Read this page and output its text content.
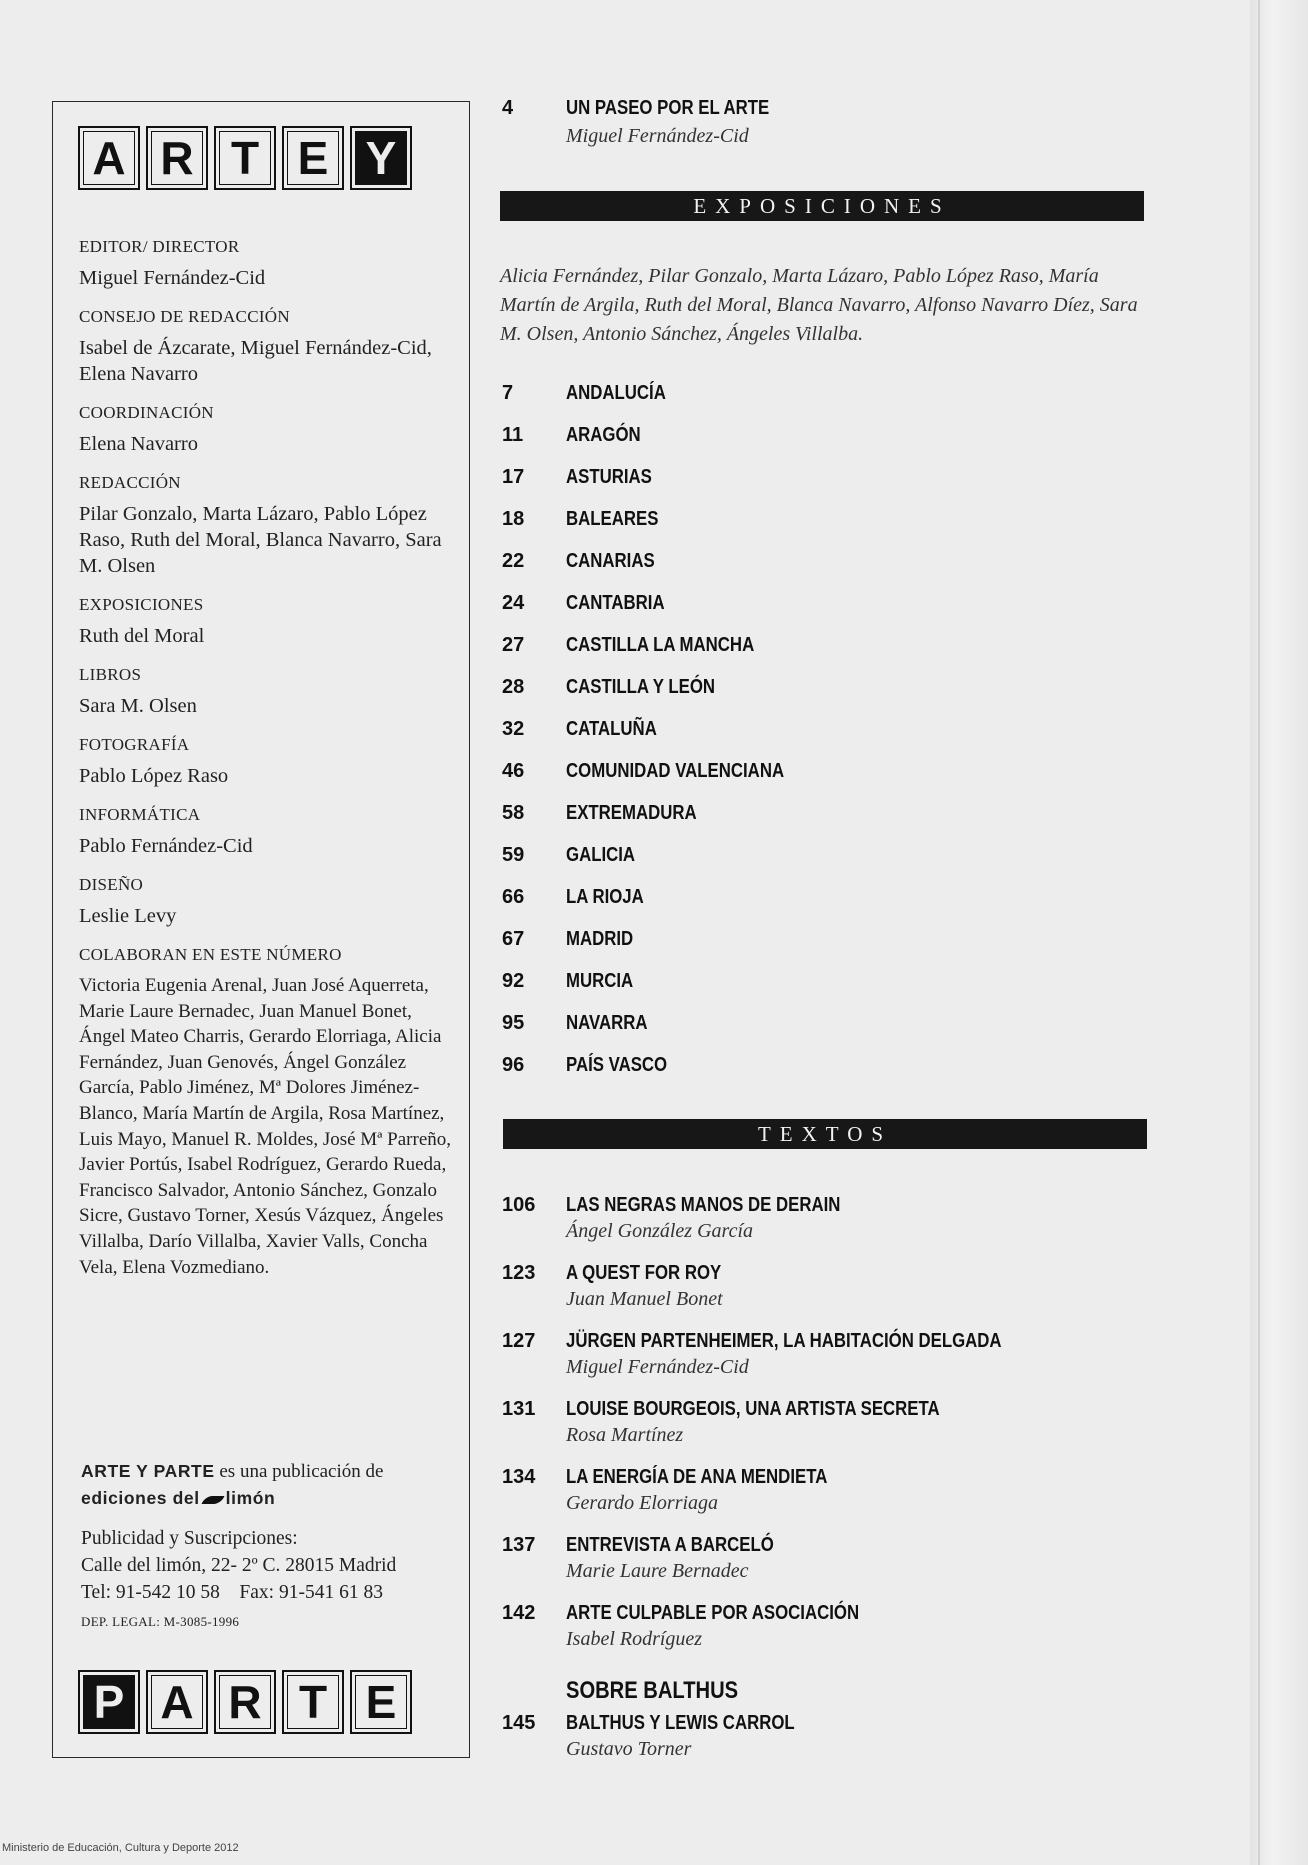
A R T E Y
EDITOR/ DIRECTOR
Miguel Fernández-Cid
CONSEJO DE REDACCIÓN
Isabel de Ázcarate, Miguel Fernández-Cid, Elena Navarro
COORDINACIÓN
Elena Navarro
REDACCIÓN
Pilar Gonzalo, Marta Lázaro, Pablo López Raso, Ruth del Moral, Blanca Navarro, Sara M. Olsen
EXPOSICIONES
Ruth del Moral
LIBROS
Sara M. Olsen
FOTOGRAFÍA
Pablo López Raso
INFORMÁTICA
Pablo Fernández-Cid
DISEÑO
Leslie Levy
COLABORAN EN ESTE NÚMERO
Victoria Eugenia Arenal, Juan José Aquerreta, Marie Laure Bernadec, Juan Manuel Bonet, Ángel Mateo Charris, Gerardo Elorriaga, Alicia Fernández, Juan Genovés, Ángel González García, Pablo Jiménez, Mª Dolores Jiménez-Blanco, María Martín de Argila, Rosa Martínez, Luis Mayo, Manuel R. Moldes, José Mª Parreño, Javier Portús, Isabel Rodríguez, Gerardo Rueda, Francisco Salvador, Antonio Sánchez, Gonzalo Sicre, Gustavo Torner, Xesús Vázquez, Ángeles Villalba, Darío Villalba, Xavier Valls, Concha Vela, Elena Vozmediano.
ARTE Y PARTE es una publicación de
ediciones del limón
Publicidad y Suscripciones:
Calle del limón, 22- 2º C. 28015 Madrid
Tel: 91-542 10 58 Fax: 91-541 61 83
DEP. LEGAL: M-3085-1996
P A R T E
4	UN PASEO POR EL ARTE
Miguel Fernández-Cid
EXPOSICIONES
Alicia Fernández, Pilar Gonzalo, Marta Lázaro, Pablo López Raso, María Martín de Argila, Ruth del Moral, Blanca Navarro, Alfonso Navarro Díez, Sara M. Olsen, Antonio Sánchez, Ángeles Villalba.
7	ANDALUCÍA
11	ARAGÓN
17	ASTURIAS
18	BALEARES
22	CANARIAS
24	CANTABRIA
27	CASTILLA LA MANCHA
28	CASTILLA Y LEÓN
32	CATALUÑA
46	COMUNIDAD VALENCIANA
58	EXTREMADURA
59	GALICIA
66	LA RIOJA
67	MADRID
92	MURCIA
95	NAVARRA
96	PAÍS VASCO
TEXTOS
106	LAS NEGRAS MANOS DE DERAIN
Ángel González García
123	A QUEST FOR ROY
Juan Manuel Bonet
127	JÜRGEN PARTENHEIMER, LA HABITACIÓN DELGADA
Miguel Fernández-Cid
131	LOUISE BOURGEOIS, UNA ARTISTA SECRETA
Rosa Martínez
134	LA ENERGÍA DE ANA MENDIETA
Gerardo Elorriaga
137	ENTREVISTA A BARCELÓ
Marie Laure Bernadec
142	ARTE CULPABLE POR ASOCIACIÓN
Isabel Rodríguez
SOBRE BALTHUS
145	BALTHUS Y LEWIS CARROL
Gustavo Torner
Ministerio de Educación, Cultura y Deporte 2012
